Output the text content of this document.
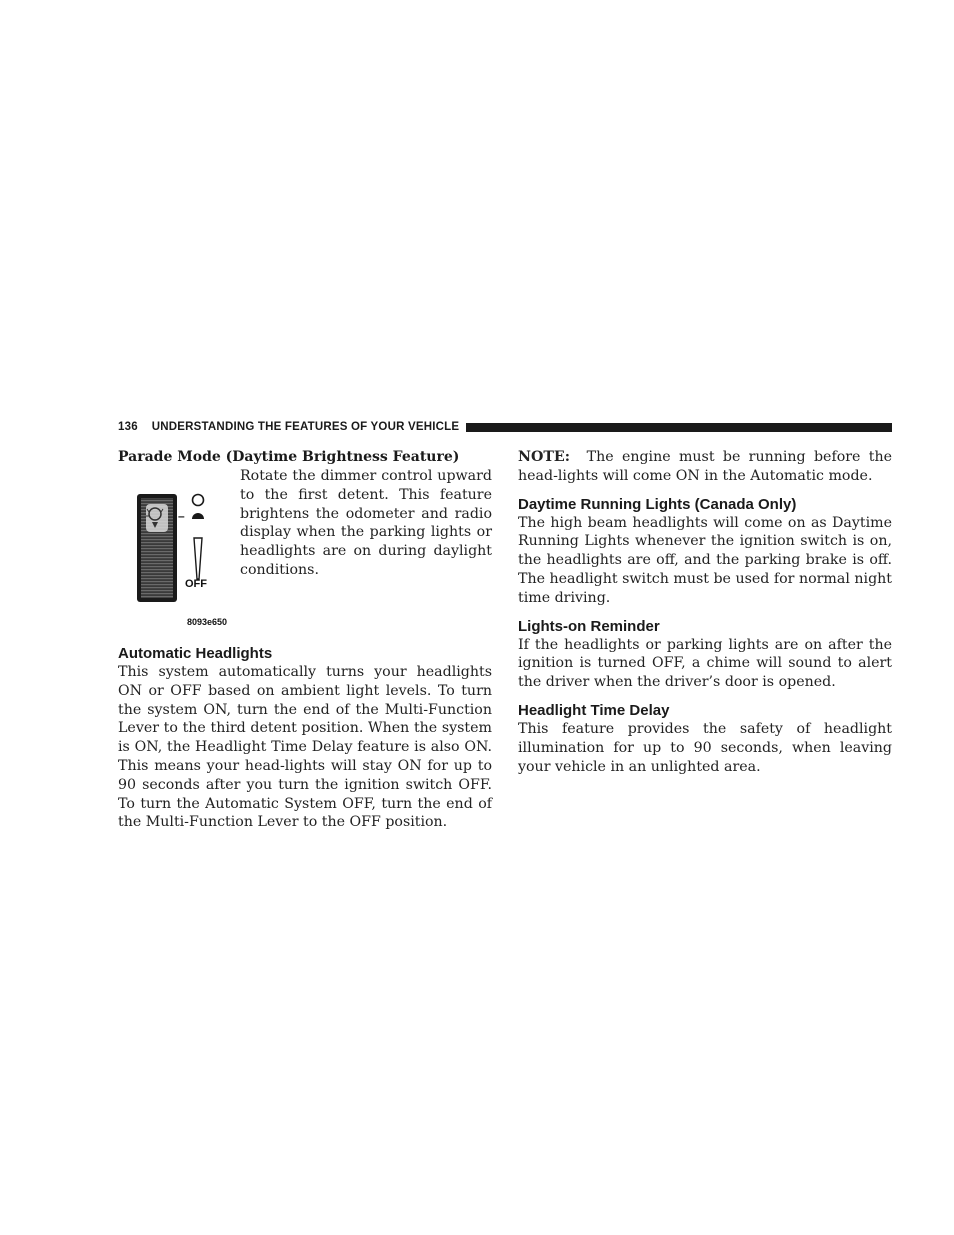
136 UNDERSTANDING THE FEATURES OF YOUR VEHICLE
Parade Mode (Daytime Brightness Feature)
–
OFF

Rotate the dimmer control upward to the first detent. This feature brightens the odometer and radio display when the parking lights or headlights are on during daylight conditions.

8093e650
Automatic Headlights

This system automatically turns your headlights ON or OFF based on ambient light levels. To turn the system ON, turn the end of the Multi-Function Lever to the third detent position. When the system is ON, the Headlight Time Delay feature is also ON. This means your head-lights will stay ON for up to 90 seconds after you turn the ignition switch OFF. To turn the Automatic System OFF, turn the end of the Multi-Function Lever to the OFF position.

NOTE: The engine must be running before the head-lights will come ON in the Automatic mode.

Daytime Running Lights (Canada Only)

The high beam headlights will come on as Daytime Running Lights whenever the ignition switch is on, the headlights are off, and the parking brake is off. The headlight switch must be used for normal night time driving.

Lights-on Reminder

If the headlights or parking lights are on after the ignition is turned OFF, a chime will sound to alert the driver when the driver’s door is opened.

Headlight Time Delay

This feature provides the safety of headlight illumination for up to 90 seconds, when leaving your vehicle in an unlighted area.
